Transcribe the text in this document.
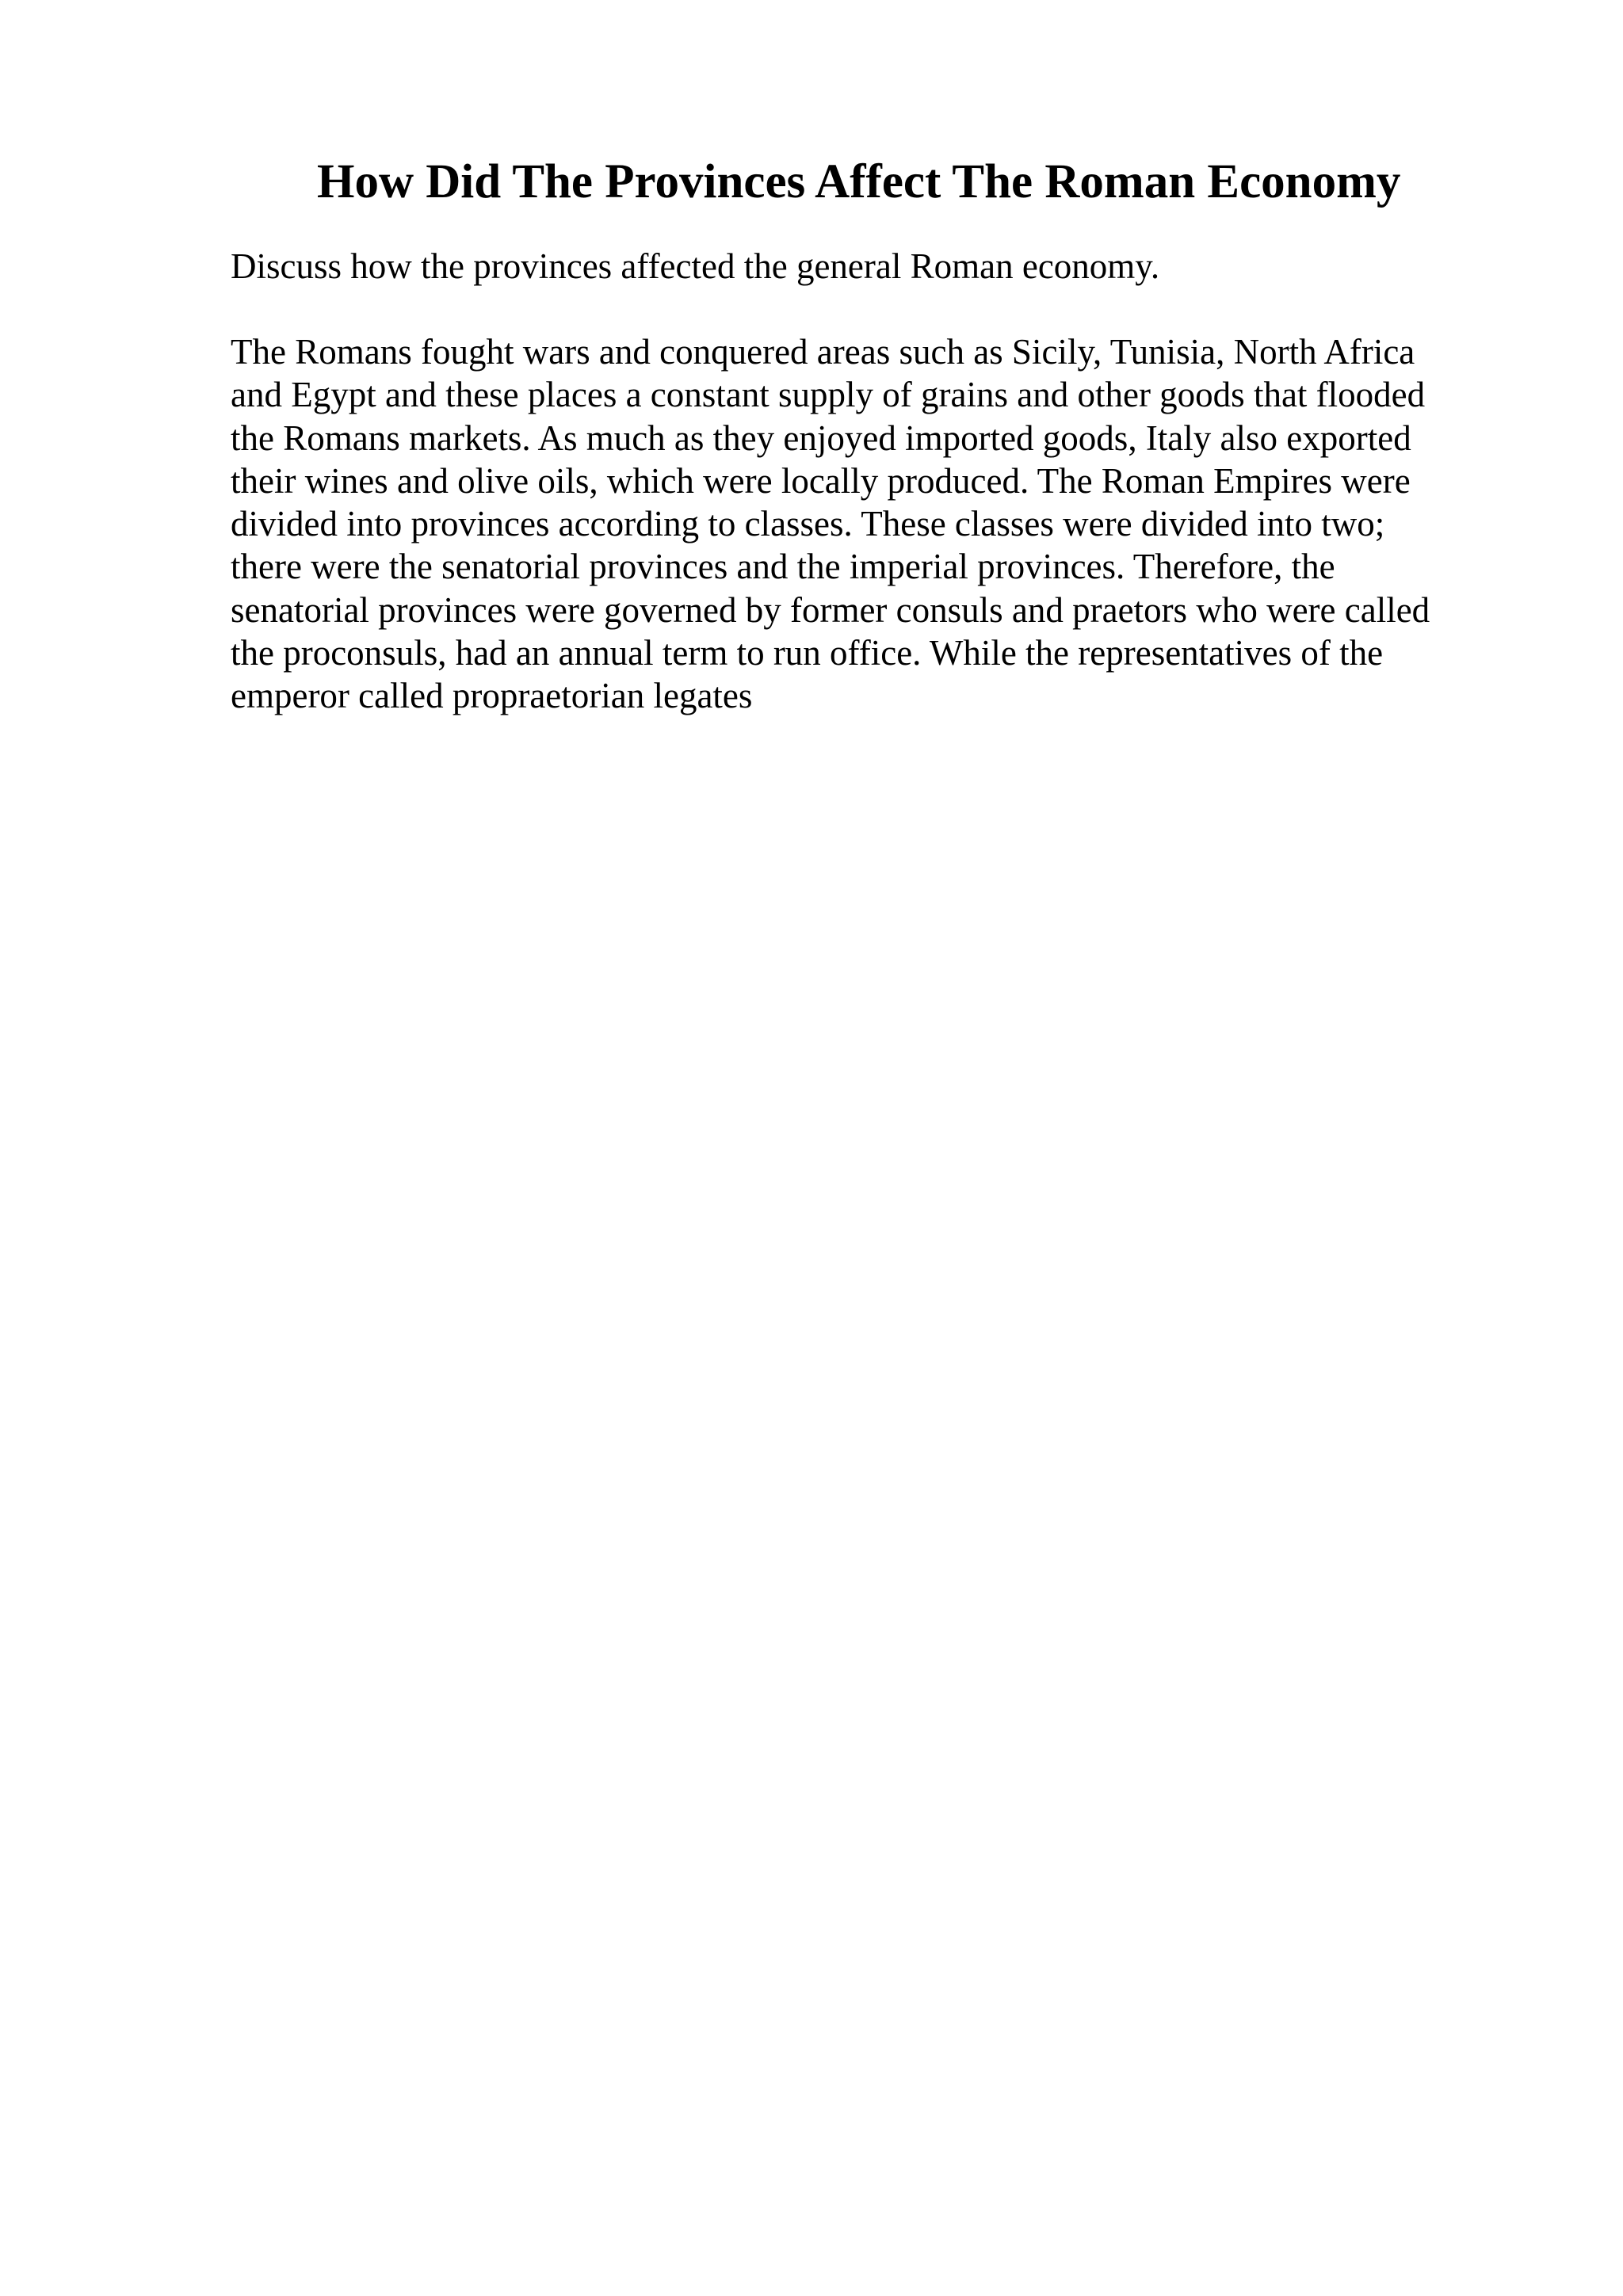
How Did The Provinces Affect The Roman Economy

Discuss how the provinces affected the general Roman economy.

The Romans fought wars and conquered areas such as Sicily, Tunisia, North Africa
and Egypt and these places a constant supply of grains and other goods that flooded
the Romans markets. As much as they enjoyed imported goods, Italy also exported
their wines and olive oils, which were locally produced. The Roman Empires were
divided into provinces according to classes. These classes were divided into two;
there were the senatorial provinces and the imperial provinces. Therefore, the
senatorial provinces were governed by former consuls and praetors who were called
the proconsuls, had an annual term to run office. While the representatives of the
emperor called propraetorian legates
